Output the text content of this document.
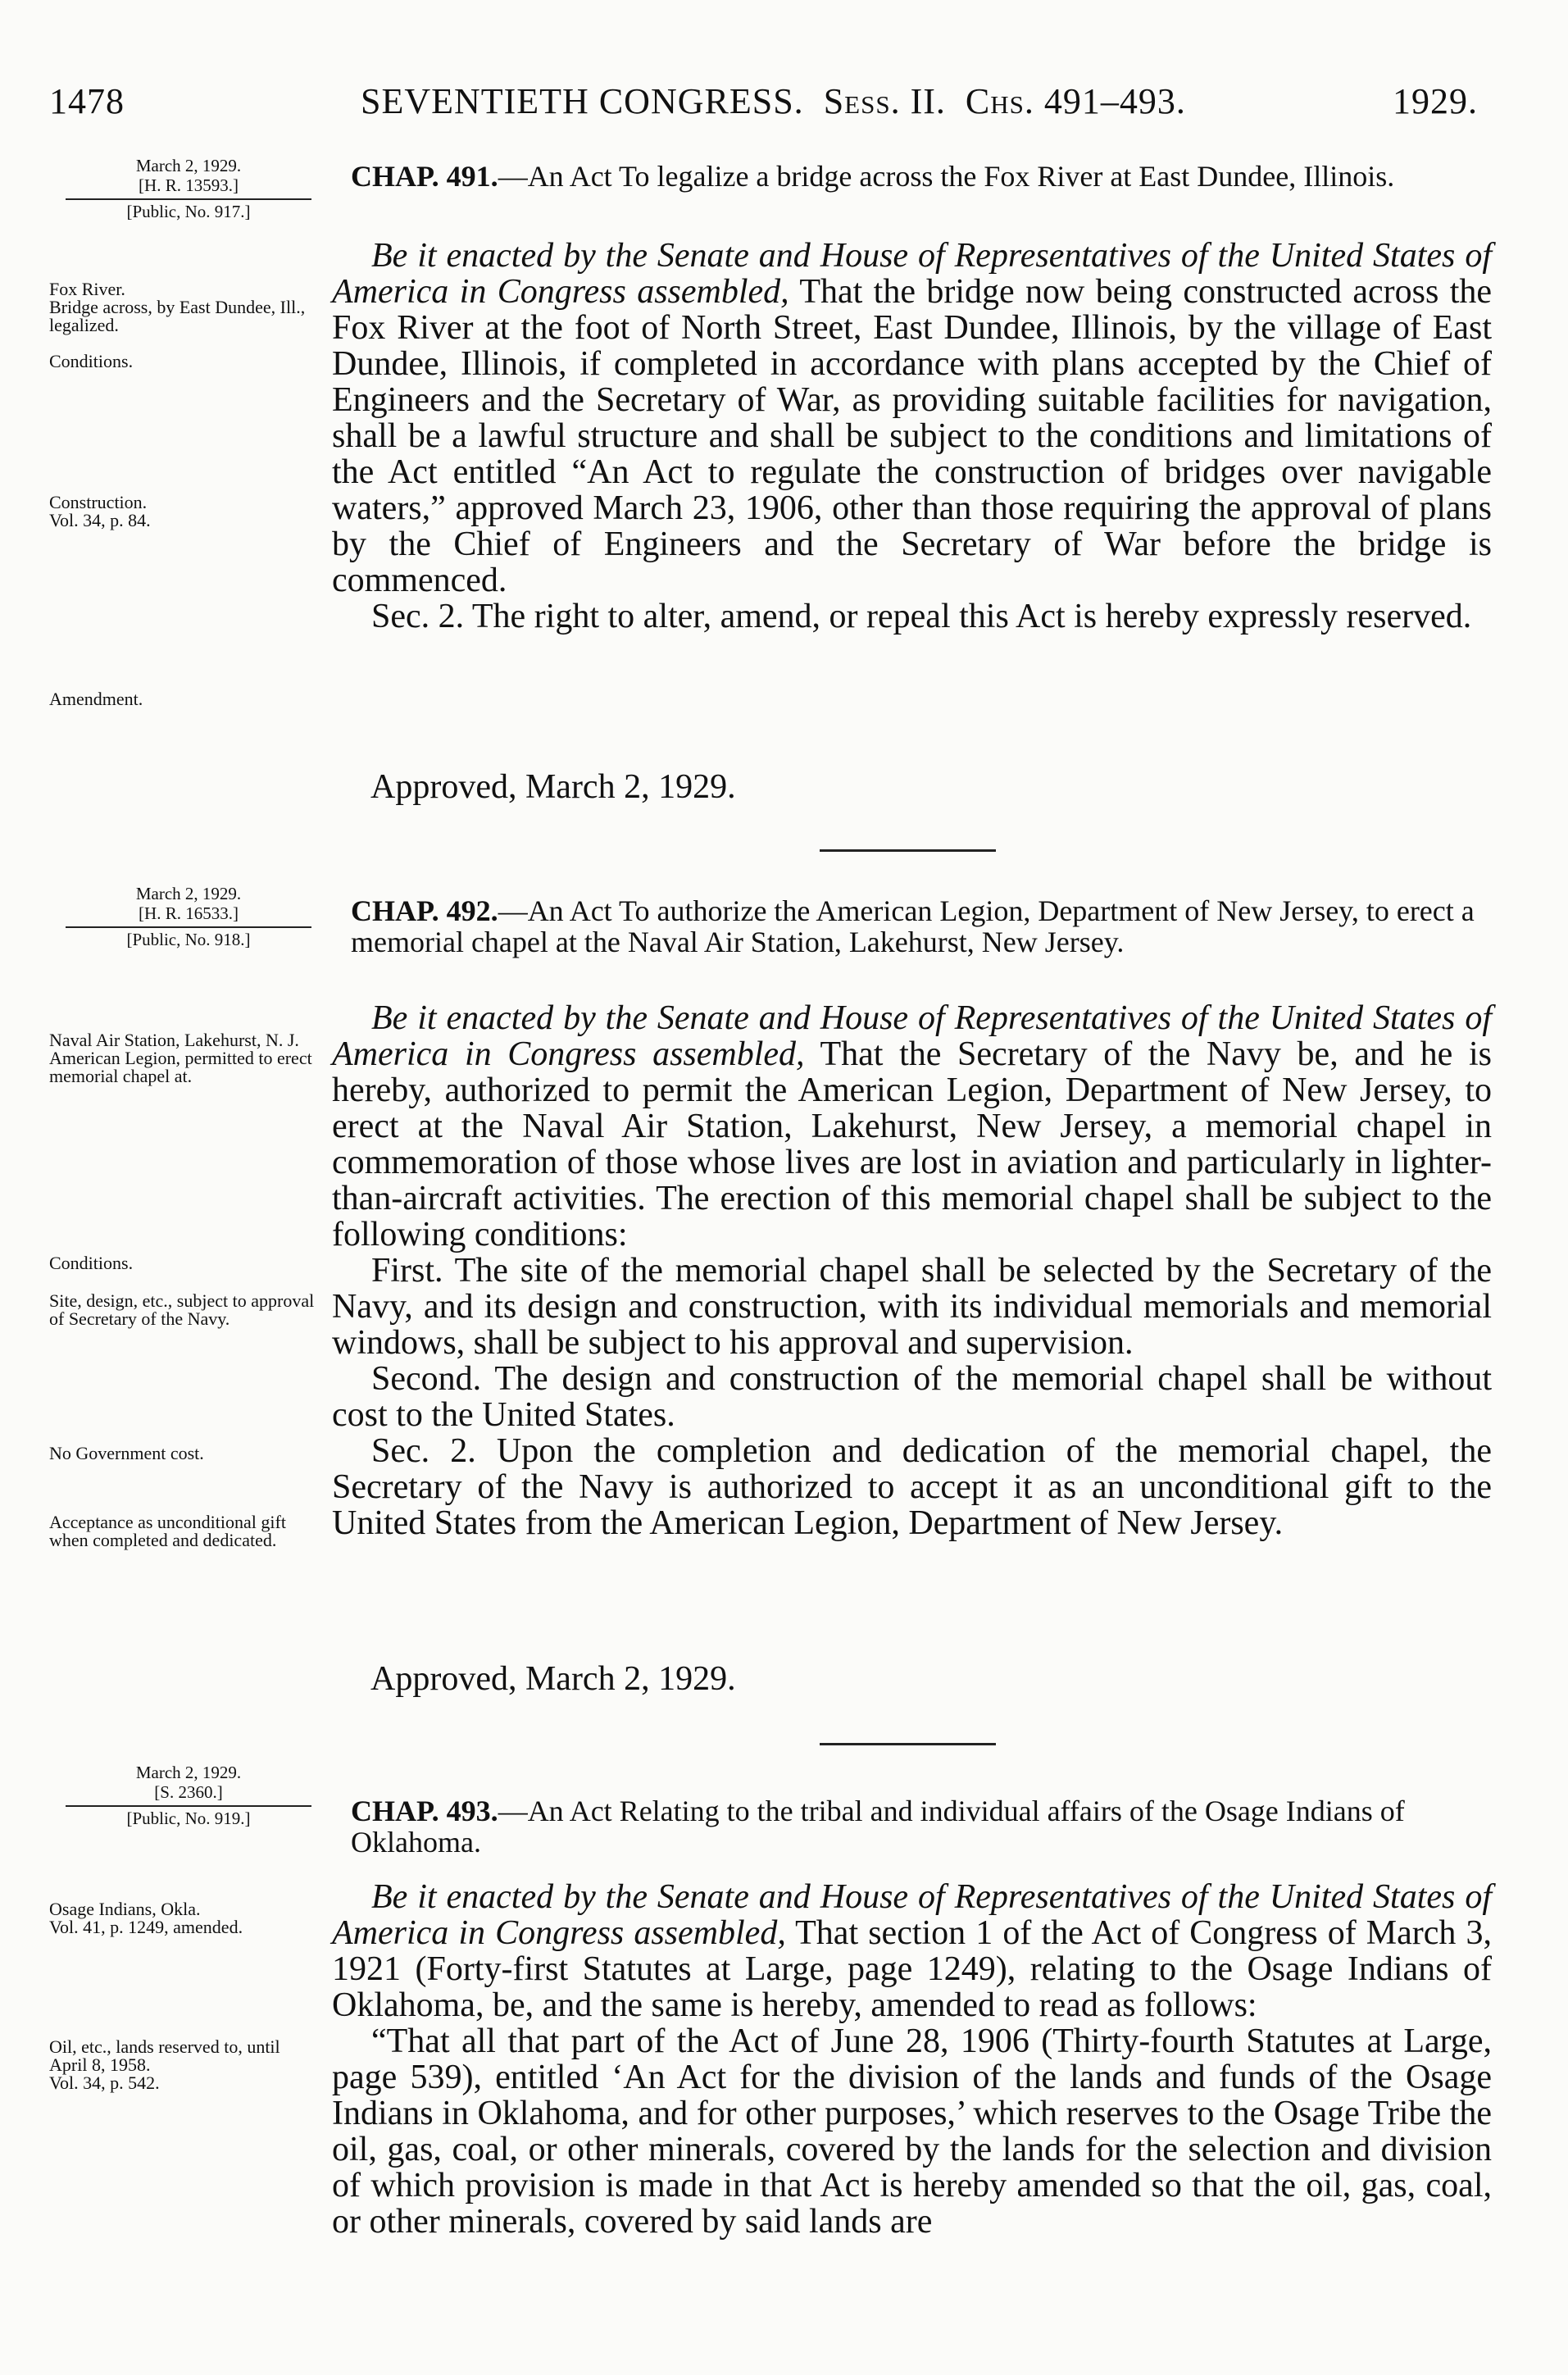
1478	SEVENTIETH CONGRESS. Sess. II. Chs. 491–493.	1929.
March 2, 1929.
[H. R. 13593.]
[Public, No. 917.]
CHAP. 491.—An Act To legalize a bridge across the Fox River at East Dundee, Illinois.
Fox River.
Bridge across, by East Dundee, Ill., legalized.
Conditions.
Construction.
Vol. 34, p. 84.
Amendment.

Be it enacted by the Senate and House of Representatives of the United States of America in Congress assembled, That the bridge now being constructed across the Fox River at the foot of North Street, East Dundee, Illinois, by the village of East Dundee, Illinois, if completed in accordance with plans accepted by the Chief of Engineers and the Secretary of War, as providing suitable facilities for navigation, shall be a lawful structure and shall be subject to the conditions and limitations of the Act entitled “An Act to regulate the construction of bridges over navigable waters,” approved March 23, 1906, other than those requiring the approval of plans by the Chief of Engineers and the Secretary of War before the bridge is commenced.

Sec. 2. The right to alter, amend, or repeal this Act is hereby expressly reserved.

Approved, March 2, 1929.
March 2, 1929.
[H. R. 16533.]
[Public, No. 918.]
CHAP. 492.—An Act To authorize the American Legion, Department of New Jersey, to erect a memorial chapel at the Naval Air Station, Lakehurst, New Jersey.
Naval Air Station, Lakehurst, N. J.
American Legion, permitted to erect memorial chapel at.
Conditions.
Site, design, etc., subject to approval of Secretary of the Navy.
No Government cost.
Acceptance as unconditional gift when completed and dedicated.

Be it enacted by the Senate and House of Representatives of the United States of America in Congress assembled, That the Secretary of the Navy be, and he is hereby, authorized to permit the American Legion, Department of New Jersey, to erect at the Naval Air Station, Lakehurst, New Jersey, a memorial chapel in commemoration of those whose lives are lost in aviation and particularly in lighter-than-aircraft activities. The erection of this memorial chapel shall be subject to the following conditions:

First. The site of the memorial chapel shall be selected by the Secretary of the Navy, and its design and construction, with its individual memorials and memorial windows, shall be subject to his approval and supervision.

Second. The design and construction of the memorial chapel shall be without cost to the United States.

Sec. 2. Upon the completion and dedication of the memorial chapel, the Secretary of the Navy is authorized to accept it as an unconditional gift to the United States from the American Legion, Department of New Jersey.

Approved, March 2, 1929.
March 2, 1929.
[S. 2360.]
[Public, No. 919.]	CHAP. 493.—An Act Relating to the tribal and individual affairs of the Osage Indians of Oklahoma.
Osage Indians, Okla.
Vol. 41, p. 1249, amended.
Oil, etc., lands reserved to, until April 8, 1958.
Vol. 34, p. 542.

Be it enacted by the Senate and House of Representatives of the United States of America in Congress assembled, That section 1 of the Act of Congress of March 3, 1921 (Forty-first Statutes at Large, page 1249), relating to the Osage Indians of Oklahoma, be, and the same is hereby, amended to read as follows:

“That all that part of the Act of June 28, 1906 (Thirty-fourth Statutes at Large, page 539), entitled ‘An Act for the division of the lands and funds of the Osage Indians in Oklahoma, and for other purposes,’ which reserves to the Osage Tribe the oil, gas, coal, or other minerals, covered by the lands for the selection and division of which provision is made in that Act is hereby amended so that the oil, gas, coal, or other minerals, covered by said lands are
